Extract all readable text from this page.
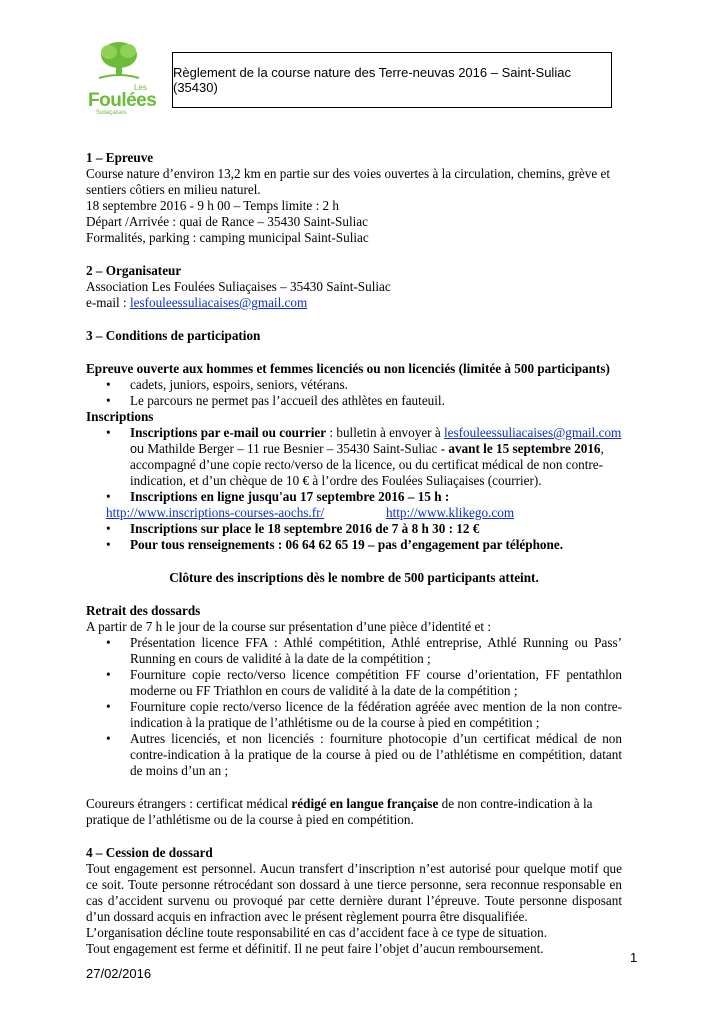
Les
Foulées
Suliaçaises
Règlement de la course nature des Terre-neuvas 2016 – Saint-Suliac (35430)
1 – Epreuve

Course nature d’environ 13,2 km en partie sur des voies ouvertes à la circulation, chemins, grève et sentiers côtiers en milieu naturel.

18 septembre 2016 - 9 h 00 – Temps limite : 2 h

Départ /Arrivée : quai de Rance – 35430 Saint-Suliac

Formalités, parking : camping municipal Saint-Suliac

2 – Organisateur

Association Les Foulées Suliaçaises – 35430 Saint-Suliac

e-mail : lesfouleessuliacaises@gmail.com

3 – Conditions de participation
Epreuve ouverte aux hommes et femmes licenciés ou non licenciés (limitée à 500 participants)
• cadets, juniors, espoirs, seniors, vétérans.
• Le parcours ne permet pas l’accueil des athlètes en fauteuil.
Inscriptions
• Inscriptions par e-mail ou courrier : bulletin à envoyer à lesfouleessuliacaises@gmail.com ou Mathilde Berger – 11 rue Besnier – 35430 Saint-Suliac - avant le 15 septembre 2016, accompagné d’une copie recto/verso de la licence, ou du certificat médical de non contre-indication, et d’un chèque de 10 € à l’ordre des Foulées Suliaçaises (courrier).
• Inscriptions en ligne jusqu'au 17 septembre 2016 – 15 h :
http://www.inscriptions-courses-aochs.fr/	http://www.klikego.com
• Inscriptions sur place le 18 septembre 2016 de 7 à 8 h 30 : 12 €
• Pour tous renseignements : 06 64 62 65 19 – pas d’engagement par téléphone.

Clôture des inscriptions dès le nombre de 500 participants atteint.

Retrait des dossards

A partir de 7 h le jour de la course sur présentation d’une pièce d’identité et :

• Présentation licence FFA : Athlé compétition, Athlé entreprise, Athlé Running ou Pass’ Running en cours de validité à la date de la compétition ;
• Fourniture copie recto/verso licence compétition FF course d’orientation, FF pentathlon moderne ou FF Triathlon en cours de validité à la date de la compétition ;
• Fourniture copie recto/verso licence de la fédération agréée avec mention de la non contre-indication à la pratique de l’athlétisme ou de la course à pied en compétition ;
• Autres licenciés, et non licenciés : fourniture photocopie d’un certificat médical de non contre-indication à la pratique de la course à pied ou de l’athlétisme en compétition, datant de moins d’un an ;

Coureurs étrangers : certificat médical rédigé en langue française de non contre-indication à la pratique de l’athlétisme ou de la course à pied en compétition.

4 – Cession de dossard

Tout engagement est personnel. Aucun transfert d’inscription n’est autorisé pour quelque motif que ce soit. Toute personne rétrocédant son dossard à une tierce personne, sera reconnue responsable en cas d’accident survenu ou provoqué par cette dernière durant l’épreuve. Toute personne disposant d’un dossard acquis en infraction avec le présent règlement pourra être disqualifiée.

L’organisation décline toute responsabilité en cas d’accident face à ce type de situation.

Tout engagement est ferme et définitif. Il ne peut faire l’objet d’aucun remboursement.

1
27/02/2016
